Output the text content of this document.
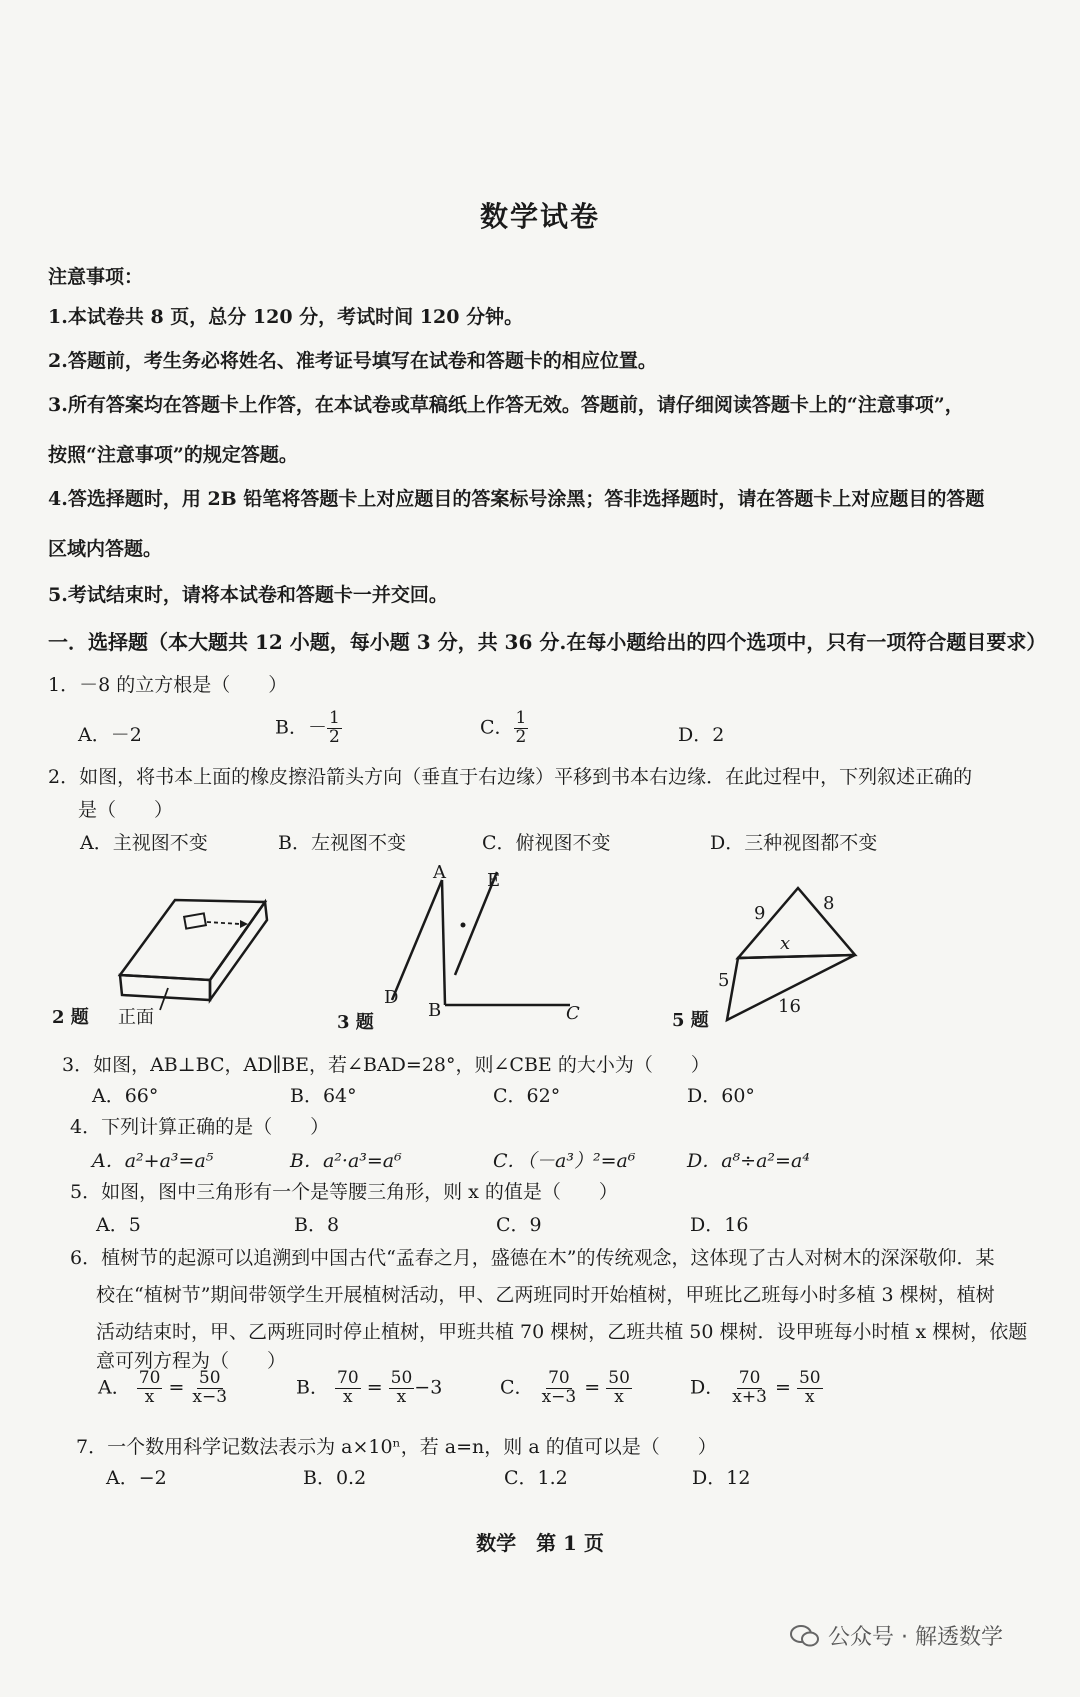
数学试卷
注意事项：
1.本试卷共 8 页，总分 120 分，考试时间 120 分钟。
2.答题前，考生务必将姓名、准考证号填写在试卷和答题卡的相应位置。
3.所有答案均在答题卡上作答，在本试卷或草稿纸上作答无效。答题前，请仔细阅读答题卡上的“注意事项”，
按照“注意事项”的规定答题。
4.答选择题时，用 2B 铅笔将答题卡上对应题目的答案标号涂黑；答非选择题时，请在答题卡上对应题目的答题
区域内答题。
5.考试结束时，请将本试卷和答题卡一并交回。
一．选择题（本大题共 12 小题，每小题 3 分，共 36 分.在每小题给出的四个选项中，只有一项符合题目要求）
1．－8 的立方根是（　　）
A．－2	B．－ $\frac{1}{2}$	C． $\frac{1}{2}$	D．2
2．如图，将书本上面的橡皮擦沿箭头方向（垂直于右边缘）平移到书本右边缘．在此过程中，下列叙述正确的
是（　　）
A．主视图不变	B．左视图不变	C．俯视图不变	D．三种视图都不变
2 题 正面
A E
D
B	C
3 题
9	8
x
5
16
5 题
3．如图，AB⊥BC，AD∥BE，若∠BAD=28°，则∠CBE 的大小为（　　）
A．66°	B．64°	C．62°	D．60°
4．下列计算正确的是（　　）
A．a²+a³=a⁵	B．a²·a³=a⁶	C．（－a³）²=a⁶	D．a⁸÷a²=a⁴
5．如图，图中三角形有一个是等腰三角形，则 x 的值是（　　）
A．5	B．8	C．9	D．16
6．植树节的起源可以追溯到中国古代“孟春之月，盛德在木”的传统观念，这体现了古人对树木的深深敬仰．某
校在“植树节”期间带领学生开展植树活动，甲、乙两班同时开始植树，甲班比乙班每小时多植 3 棵树，植树
活动结束时，甲、乙两班同时停止植树，甲班共植 70 棵树，乙班共植 50 棵树．设甲班每小时植 x 棵树，依题
意可列方程为（　　）
A． $\frac{70}{x} = \frac{50}{x-3}$	B． $\frac{70}{x} = \frac{50}{x} -3$	C． $\frac{70}{x-3} = \frac{50}{x}$	D． $\frac{70}{x+3} = \frac{50}{x}$
7．一个数用科学记数法表示为 a×10ⁿ，若 a=n，则 a 的值可以是（　　）
A．−2	B．0.2	C．1.2	D．12
数学　第 1 页
公众号 · 解透数学
